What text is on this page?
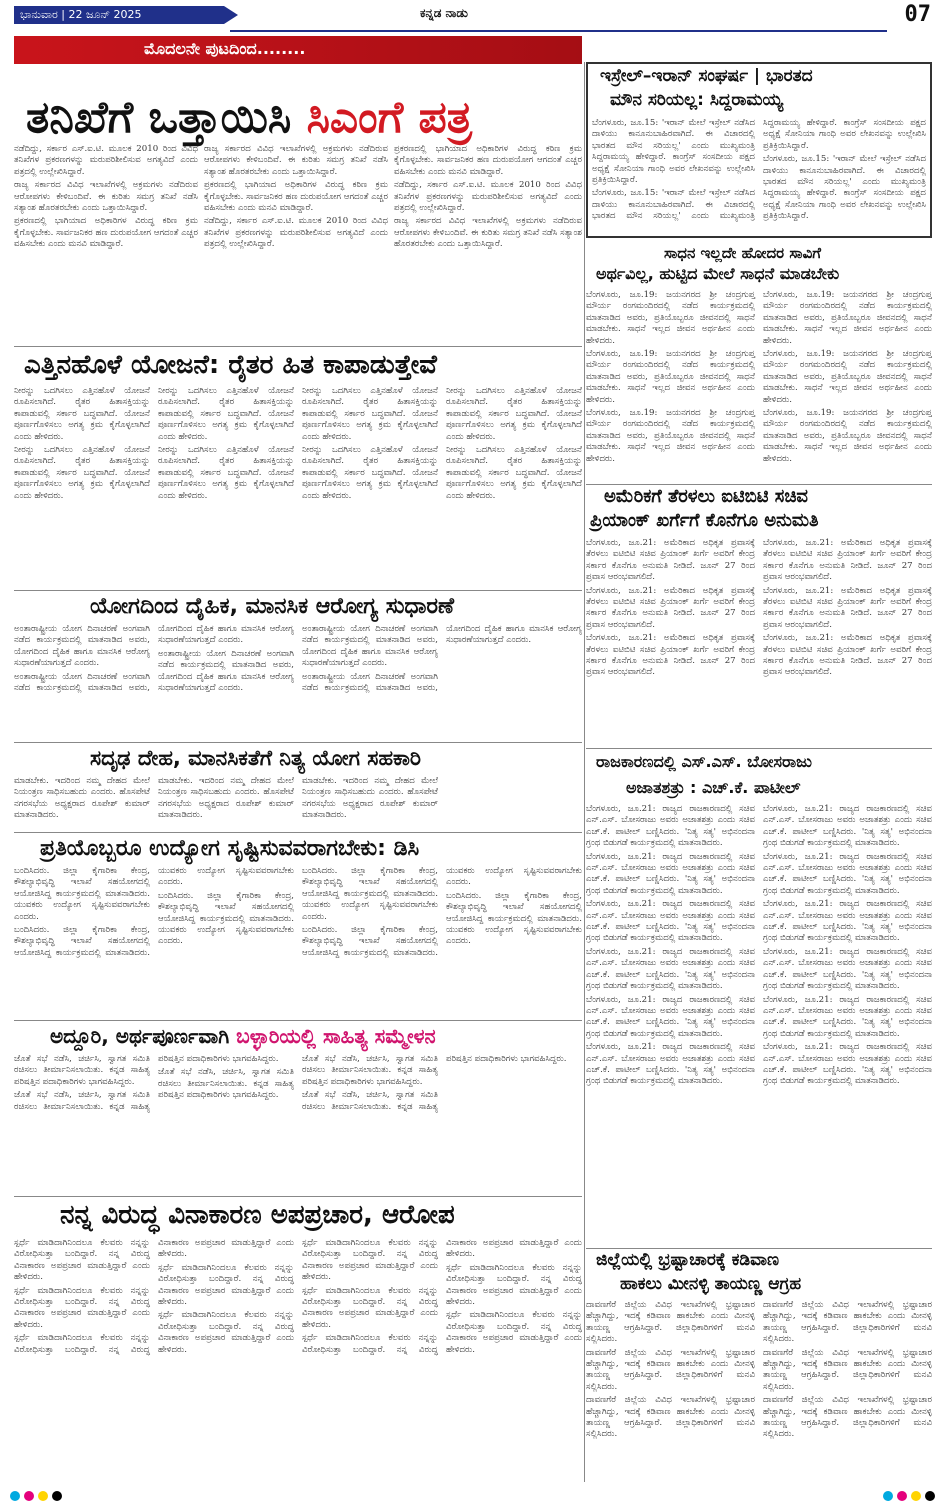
ಭಾನುವಾರ | 22 ಜೂನ್ 2025	ಕನ್ನಡ ನಾಡು	07
ಮೊದಲನೇ ಪುಟದಿಂದ........
ತನಿಖೆಗೆ ಒತ್ತಾಯಿಸಿ ಸಿಎಂಗೆ ಪತ್ರ

ನಡೆದಿದ್ದು, ಸರ್ಕಾರ ಎಸ್.ಐ.ಟಿ. ಮೂಲಕ 2010 ರಿಂದ ವಿವಿಧ ತನಿಖೆಗಳ ಪ್ರಕರಣಗಳನ್ನು ಮರುಪರಿಶೀಲಿಸುವ ಅಗತ್ಯವಿದೆ ಎಂದು ಪತ್ರದಲ್ಲಿ ಉಲ್ಲೇಖಿಸಿದ್ದಾರೆ.

ರಾಜ್ಯ ಸರ್ಕಾರದ ವಿವಿಧ ಇಲಾಖೆಗಳಲ್ಲಿ ಅಕ್ರಮಗಳು ನಡೆದಿರುವ ಆರೋಪಗಳು ಕೇಳಿಬಂದಿವೆ. ಈ ಕುರಿತು ಸಮಗ್ರ ತನಿಖೆ ನಡೆಸಿ ಸತ್ಯಾಂಶ ಹೊರತರಬೇಕು ಎಂದು ಒತ್ತಾಯಿಸಿದ್ದಾರೆ.

ಪ್ರಕರಣದಲ್ಲಿ ಭಾಗಿಯಾದ ಅಧಿಕಾರಿಗಳ ವಿರುದ್ಧ ಕಠಿಣ ಕ್ರಮ ಕೈಗೊಳ್ಳಬೇಕು. ಸಾರ್ವಜನಿಕರ ಹಣ ದುರುಪಯೋಗ ಆಗದಂತೆ ಎಚ್ಚರ ವಹಿಸಬೇಕು ಎಂದು ಮನವಿ ಮಾಡಿದ್ದಾರೆ.

ರಾಜ್ಯ ಸರ್ಕಾರದ ವಿವಿಧ ಇಲಾಖೆಗಳಲ್ಲಿ ಅಕ್ರಮಗಳು ನಡೆದಿರುವ ಆರೋಪಗಳು ಕೇಳಿಬಂದಿವೆ. ಈ ಕುರಿತು ಸಮಗ್ರ ತನಿಖೆ ನಡೆಸಿ ಸತ್ಯಾಂಶ ಹೊರತರಬೇಕು ಎಂದು ಒತ್ತಾಯಿಸಿದ್ದಾರೆ.

ಪ್ರಕರಣದಲ್ಲಿ ಭಾಗಿಯಾದ ಅಧಿಕಾರಿಗಳ ವಿರುದ್ಧ ಕಠಿಣ ಕ್ರಮ ಕೈಗೊಳ್ಳಬೇಕು. ಸಾರ್ವಜನಿಕರ ಹಣ ದುರುಪಯೋಗ ಆಗದಂತೆ ಎಚ್ಚರ ವಹಿಸಬೇಕು ಎಂದು ಮನವಿ ಮಾಡಿದ್ದಾರೆ.

ನಡೆದಿದ್ದು, ಸರ್ಕಾರ ಎಸ್.ಐ.ಟಿ. ಮೂಲಕ 2010 ರಿಂದ ವಿವಿಧ ತನಿಖೆಗಳ ಪ್ರಕರಣಗಳನ್ನು ಮರುಪರಿಶೀಲಿಸುವ ಅಗತ್ಯವಿದೆ ಎಂದು ಪತ್ರದಲ್ಲಿ ಉಲ್ಲೇಖಿಸಿದ್ದಾರೆ.

ಪ್ರಕರಣದಲ್ಲಿ ಭಾಗಿಯಾದ ಅಧಿಕಾರಿಗಳ ವಿರುದ್ಧ ಕಠಿಣ ಕ್ರಮ ಕೈಗೊಳ್ಳಬೇಕು. ಸಾರ್ವಜನಿಕರ ಹಣ ದುರುಪಯೋಗ ಆಗದಂತೆ ಎಚ್ಚರ ವಹಿಸಬೇಕು ಎಂದು ಮನವಿ ಮಾಡಿದ್ದಾರೆ.

ನಡೆದಿದ್ದು, ಸರ್ಕಾರ ಎಸ್.ಐ.ಟಿ. ಮೂಲಕ 2010 ರಿಂದ ವಿವಿಧ ತನಿಖೆಗಳ ಪ್ರಕರಣಗಳನ್ನು ಮರುಪರಿಶೀಲಿಸುವ ಅಗತ್ಯವಿದೆ ಎಂದು ಪತ್ರದಲ್ಲಿ ಉಲ್ಲೇಖಿಸಿದ್ದಾರೆ.

ರಾಜ್ಯ ಸರ್ಕಾರದ ವಿವಿಧ ಇಲಾಖೆಗಳಲ್ಲಿ ಅಕ್ರಮಗಳು ನಡೆದಿರುವ ಆರೋಪಗಳು ಕೇಳಿಬಂದಿವೆ. ಈ ಕುರಿತು ಸಮಗ್ರ ತನಿಖೆ ನಡೆಸಿ ಸತ್ಯಾಂಶ ಹೊರತರಬೇಕು ಎಂದು ಒತ್ತಾಯಿಸಿದ್ದಾರೆ.

ಎತ್ತಿನಹೊಳೆ ಯೋಜನೆ: ರೈತರ ಹಿತ ಕಾಪಾಡುತ್ತೇವೆ

ನೀರನ್ನು ಒದಗಿಸಲು ಎತ್ತಿನಹೊಳೆ ಯೋಜನೆ ರೂಪಿಸಲಾಗಿದೆ. ರೈತರ ಹಿತಾಸಕ್ತಿಯನ್ನು ಕಾಪಾಡುವಲ್ಲಿ ಸರ್ಕಾರ ಬದ್ಧವಾಗಿದೆ. ಯೋಜನೆ ಪೂರ್ಣಗೊಳಿಸಲು ಅಗತ್ಯ ಕ್ರಮ ಕೈಗೊಳ್ಳಲಾಗಿದೆ ಎಂದು ಹೇಳಿದರು.

ನೀರನ್ನು ಒದಗಿಸಲು ಎತ್ತಿನಹೊಳೆ ಯೋಜನೆ ರೂಪಿಸಲಾಗಿದೆ. ರೈತರ ಹಿತಾಸಕ್ತಿಯನ್ನು ಕಾಪಾಡುವಲ್ಲಿ ಸರ್ಕಾರ ಬದ್ಧವಾಗಿದೆ. ಯೋಜನೆ ಪೂರ್ಣಗೊಳಿಸಲು ಅಗತ್ಯ ಕ್ರಮ ಕೈಗೊಳ್ಳಲಾಗಿದೆ ಎಂದು ಹೇಳಿದರು.

ನೀರನ್ನು ಒದಗಿಸಲು ಎತ್ತಿನಹೊಳೆ ಯೋಜನೆ ರೂಪಿಸಲಾಗಿದೆ. ರೈತರ ಹಿತಾಸಕ್ತಿಯನ್ನು ಕಾಪಾಡುವಲ್ಲಿ ಸರ್ಕಾರ ಬದ್ಧವಾಗಿದೆ. ಯೋಜನೆ ಪೂರ್ಣಗೊಳಿಸಲು ಅಗತ್ಯ ಕ್ರಮ ಕೈಗೊಳ್ಳಲಾಗಿದೆ ಎಂದು ಹೇಳಿದರು.

ನೀರನ್ನು ಒದಗಿಸಲು ಎತ್ತಿನಹೊಳೆ ಯೋಜನೆ ರೂಪಿಸಲಾಗಿದೆ. ರೈತರ ಹಿತಾಸಕ್ತಿಯನ್ನು ಕಾಪಾಡುವಲ್ಲಿ ಸರ್ಕಾರ ಬದ್ಧವಾಗಿದೆ. ಯೋಜನೆ ಪೂರ್ಣಗೊಳಿಸಲು ಅಗತ್ಯ ಕ್ರಮ ಕೈಗೊಳ್ಳಲಾಗಿದೆ ಎಂದು ಹೇಳಿದರು.

ನೀರನ್ನು ಒದಗಿಸಲು ಎತ್ತಿನಹೊಳೆ ಯೋಜನೆ ರೂಪಿಸಲಾಗಿದೆ. ರೈತರ ಹಿತಾಸಕ್ತಿಯನ್ನು ಕಾಪಾಡುವಲ್ಲಿ ಸರ್ಕಾರ ಬದ್ಧವಾಗಿದೆ. ಯೋಜನೆ ಪೂರ್ಣಗೊಳಿಸಲು ಅಗತ್ಯ ಕ್ರಮ ಕೈಗೊಳ್ಳಲಾಗಿದೆ ಎಂದು ಹೇಳಿದರು.

ನೀರನ್ನು ಒದಗಿಸಲು ಎತ್ತಿನಹೊಳೆ ಯೋಜನೆ ರೂಪಿಸಲಾಗಿದೆ. ರೈತರ ಹಿತಾಸಕ್ತಿಯನ್ನು ಕಾಪಾಡುವಲ್ಲಿ ಸರ್ಕಾರ ಬದ್ಧವಾಗಿದೆ. ಯೋಜನೆ ಪೂರ್ಣಗೊಳಿಸಲು ಅಗತ್ಯ ಕ್ರಮ ಕೈಗೊಳ್ಳಲಾಗಿದೆ ಎಂದು ಹೇಳಿದರು.

ನೀರನ್ನು ಒದಗಿಸಲು ಎತ್ತಿನಹೊಳೆ ಯೋಜನೆ ರೂಪಿಸಲಾಗಿದೆ. ರೈತರ ಹಿತಾಸಕ್ತಿಯನ್ನು ಕಾಪಾಡುವಲ್ಲಿ ಸರ್ಕಾರ ಬದ್ಧವಾಗಿದೆ. ಯೋಜನೆ ಪೂರ್ಣಗೊಳಿಸಲು ಅಗತ್ಯ ಕ್ರಮ ಕೈಗೊಳ್ಳಲಾಗಿದೆ ಎಂದು ಹೇಳಿದರು.

ನೀರನ್ನು ಒದಗಿಸಲು ಎತ್ತಿನಹೊಳೆ ಯೋಜನೆ ರೂಪಿಸಲಾಗಿದೆ. ರೈತರ ಹಿತಾಸಕ್ತಿಯನ್ನು ಕಾಪಾಡುವಲ್ಲಿ ಸರ್ಕಾರ ಬದ್ಧವಾಗಿದೆ. ಯೋಜನೆ ಪೂರ್ಣಗೊಳಿಸಲು ಅಗತ್ಯ ಕ್ರಮ ಕೈಗೊಳ್ಳಲಾಗಿದೆ ಎಂದು ಹೇಳಿದರು.

ಯೋಗದಿಂದ ದೈಹಿಕ, ಮಾನಸಿಕ ಆರೋಗ್ಯ ಸುಧಾರಣೆ

ಅಂತಾರಾಷ್ಟ್ರೀಯ ಯೋಗ ದಿನಾಚರಣೆ ಅಂಗವಾಗಿ ನಡೆದ ಕಾರ್ಯಕ್ರಮದಲ್ಲಿ ಮಾತನಾಡಿದ ಅವರು, ಯೋಗದಿಂದ ದೈಹಿಕ ಹಾಗೂ ಮಾನಸಿಕ ಆರೋಗ್ಯ ಸುಧಾರಣೆಯಾಗುತ್ತದೆ ಎಂದರು.

ಅಂತಾರಾಷ್ಟ್ರೀಯ ಯೋಗ ದಿನಾಚರಣೆ ಅಂಗವಾಗಿ ನಡೆದ ಕಾರ್ಯಕ್ರಮದಲ್ಲಿ ಮಾತನಾಡಿದ ಅವರು, ಯೋಗದಿಂದ ದೈಹಿಕ ಹಾಗೂ ಮಾನಸಿಕ ಆರೋಗ್ಯ ಸುಧಾರಣೆಯಾಗುತ್ತದೆ ಎಂದರು.

ಅಂತಾರಾಷ್ಟ್ರೀಯ ಯೋಗ ದಿನಾಚರಣೆ ಅಂಗವಾಗಿ ನಡೆದ ಕಾರ್ಯಕ್ರಮದಲ್ಲಿ ಮಾತನಾಡಿದ ಅವರು, ಯೋಗದಿಂದ ದೈಹಿಕ ಹಾಗೂ ಮಾನಸಿಕ ಆರೋಗ್ಯ ಸುಧಾರಣೆಯಾಗುತ್ತದೆ ಎಂದರು.

ಅಂತಾರಾಷ್ಟ್ರೀಯ ಯೋಗ ದಿನಾಚರಣೆ ಅಂಗವಾಗಿ ನಡೆದ ಕಾರ್ಯಕ್ರಮದಲ್ಲಿ ಮಾತನಾಡಿದ ಅವರು, ಯೋಗದಿಂದ ದೈಹಿಕ ಹಾಗೂ ಮಾನಸಿಕ ಆರೋಗ್ಯ ಸುಧಾರಣೆಯಾಗುತ್ತದೆ ಎಂದರು.

ಅಂತಾರಾಷ್ಟ್ರೀಯ ಯೋಗ ದಿನಾಚರಣೆ ಅಂಗವಾಗಿ ನಡೆದ ಕಾರ್ಯಕ್ರಮದಲ್ಲಿ ಮಾತನಾಡಿದ ಅವರು, ಯೋಗದಿಂದ ದೈಹಿಕ ಹಾಗೂ ಮಾನಸಿಕ ಆರೋಗ್ಯ ಸುಧಾರಣೆಯಾಗುತ್ತದೆ ಎಂದರು.

ಸದೃಢ ದೇಹ, ಮಾನಸಿಕತೆಗೆ ನಿತ್ಯ ಯೋಗ ಸಹಕಾರಿ

ಮಾಡಬೇಕು. ಇದರಿಂದ ನಮ್ಮ ದೇಹದ ಮೇಲೆ ನಿಯಂತ್ರಣ ಸಾಧಿಸಬಹುದು ಎಂದರು. ಹೊಸಪೇಟೆ ನಗರಸಭೆಯ ಅಧ್ಯಕ್ಷರಾದ ರೂಪೇಶ್ ಕುಮಾರ್ ಮಾತನಾಡಿದರು.

ಮಾಡಬೇಕು. ಇದರಿಂದ ನಮ್ಮ ದೇಹದ ಮೇಲೆ ನಿಯಂತ್ರಣ ಸಾಧಿಸಬಹುದು ಎಂದರು. ಹೊಸಪೇಟೆ ನಗರಸಭೆಯ ಅಧ್ಯಕ್ಷರಾದ ರೂಪೇಶ್ ಕುಮಾರ್ ಮಾತನಾಡಿದರು.

ಮಾಡಬೇಕು. ಇದರಿಂದ ನಮ್ಮ ದೇಹದ ಮೇಲೆ ನಿಯಂತ್ರಣ ಸಾಧಿಸಬಹುದು ಎಂದರು. ಹೊಸಪೇಟೆ ನಗರಸಭೆಯ ಅಧ್ಯಕ್ಷರಾದ ರೂಪೇಶ್ ಕುಮಾರ್ ಮಾತನಾಡಿದರು.

ಪ್ರತಿಯೊಬ್ಬರೂ ಉದ್ಯೋಗ ಸೃಷ್ಟಿಸುವವರಾಗಬೇಕು: ಡಿಸಿ

ಬಂದಿಸಿದರು. ಜಿಲ್ಲಾ ಕೈಗಾರಿಕಾ ಕೇಂದ್ರ, ಕೌಶಲ್ಯಾಭಿವೃದ್ಧಿ ಇಲಾಖೆ ಸಹಯೋಗದಲ್ಲಿ ಆಯೋಜಿಸಿದ್ದ ಕಾರ್ಯಕ್ರಮದಲ್ಲಿ ಮಾತನಾಡಿದರು. ಯುವಕರು ಉದ್ಯೋಗ ಸೃಷ್ಟಿಸುವವರಾಗಬೇಕು ಎಂದರು.

ಬಂದಿಸಿದರು. ಜಿಲ್ಲಾ ಕೈಗಾರಿಕಾ ಕೇಂದ್ರ, ಕೌಶಲ್ಯಾಭಿವೃದ್ಧಿ ಇಲಾಖೆ ಸಹಯೋಗದಲ್ಲಿ ಆಯೋಜಿಸಿದ್ದ ಕಾರ್ಯಕ್ರಮದಲ್ಲಿ ಮಾತನಾಡಿದರು. ಯುವಕರು ಉದ್ಯೋಗ ಸೃಷ್ಟಿಸುವವರಾಗಬೇಕು ಎಂದರು.

ಬಂದಿಸಿದರು. ಜಿಲ್ಲಾ ಕೈಗಾರಿಕಾ ಕೇಂದ್ರ, ಕೌಶಲ್ಯಾಭಿವೃದ್ಧಿ ಇಲಾಖೆ ಸಹಯೋಗದಲ್ಲಿ ಆಯೋಜಿಸಿದ್ದ ಕಾರ್ಯಕ್ರಮದಲ್ಲಿ ಮಾತನಾಡಿದರು. ಯುವಕರು ಉದ್ಯೋಗ ಸೃಷ್ಟಿಸುವವರಾಗಬೇಕು ಎಂದರು.

ಬಂದಿಸಿದರು. ಜಿಲ್ಲಾ ಕೈಗಾರಿಕಾ ಕೇಂದ್ರ, ಕೌಶಲ್ಯಾಭಿವೃದ್ಧಿ ಇಲಾಖೆ ಸಹಯೋಗದಲ್ಲಿ ಆಯೋಜಿಸಿದ್ದ ಕಾರ್ಯಕ್ರಮದಲ್ಲಿ ಮಾತನಾಡಿದರು. ಯುವಕರು ಉದ್ಯೋಗ ಸೃಷ್ಟಿಸುವವರಾಗಬೇಕು ಎಂದರು.

ಬಂದಿಸಿದರು. ಜಿಲ್ಲಾ ಕೈಗಾರಿಕಾ ಕೇಂದ್ರ, ಕೌಶಲ್ಯಾಭಿವೃದ್ಧಿ ಇಲಾಖೆ ಸಹಯೋಗದಲ್ಲಿ ಆಯೋಜಿಸಿದ್ದ ಕಾರ್ಯಕ್ರಮದಲ್ಲಿ ಮಾತನಾಡಿದರು. ಯುವಕರು ಉದ್ಯೋಗ ಸೃಷ್ಟಿಸುವವರಾಗಬೇಕು ಎಂದರು.

ಬಂದಿಸಿದರು. ಜಿಲ್ಲಾ ಕೈಗಾರಿಕಾ ಕೇಂದ್ರ, ಕೌಶಲ್ಯಾಭಿವೃದ್ಧಿ ಇಲಾಖೆ ಸಹಯೋಗದಲ್ಲಿ ಆಯೋಜಿಸಿದ್ದ ಕಾರ್ಯಕ್ರಮದಲ್ಲಿ ಮಾತನಾಡಿದರು. ಯುವಕರು ಉದ್ಯೋಗ ಸೃಷ್ಟಿಸುವವರಾಗಬೇಕು ಎಂದರು.

ಅದ್ದೂರಿ, ಅರ್ಥಪೂರ್ಣವಾಗಿ ಬಳ್ಳಾರಿಯಲ್ಲಿ ಸಾಹಿತ್ಯ ಸಮ್ಮೇಳನ

ಜೊತೆ ಸಭೆ ನಡೆಸಿ, ಚರ್ಚಿಸಿ, ಸ್ವಾಗತ ಸಮಿತಿ ರಚಿಸಲು ತೀರ್ಮಾನಿಸಲಾಯಿತು. ಕನ್ನಡ ಸಾಹಿತ್ಯ ಪರಿಷತ್ತಿನ ಪದಾಧಿಕಾರಿಗಳು ಭಾಗವಹಿಸಿದ್ದರು.

ಜೊತೆ ಸಭೆ ನಡೆಸಿ, ಚರ್ಚಿಸಿ, ಸ್ವಾಗತ ಸಮಿತಿ ರಚಿಸಲು ತೀರ್ಮಾನಿಸಲಾಯಿತು. ಕನ್ನಡ ಸಾಹಿತ್ಯ ಪರಿಷತ್ತಿನ ಪದಾಧಿಕಾರಿಗಳು ಭಾಗವಹಿಸಿದ್ದರು.

ಜೊತೆ ಸಭೆ ನಡೆಸಿ, ಚರ್ಚಿಸಿ, ಸ್ವಾಗತ ಸಮಿತಿ ರಚಿಸಲು ತೀರ್ಮಾನಿಸಲಾಯಿತು. ಕನ್ನಡ ಸಾಹಿತ್ಯ ಪರಿಷತ್ತಿನ ಪದಾಧಿಕಾರಿಗಳು ಭಾಗವಹಿಸಿದ್ದರು.

ಜೊತೆ ಸಭೆ ನಡೆಸಿ, ಚರ್ಚಿಸಿ, ಸ್ವಾಗತ ಸಮಿತಿ ರಚಿಸಲು ತೀರ್ಮಾನಿಸಲಾಯಿತು. ಕನ್ನಡ ಸಾಹಿತ್ಯ ಪರಿಷತ್ತಿನ ಪದಾಧಿಕಾರಿಗಳು ಭಾಗವಹಿಸಿದ್ದರು.

ಜೊತೆ ಸಭೆ ನಡೆಸಿ, ಚರ್ಚಿಸಿ, ಸ್ವಾಗತ ಸಮಿತಿ ರಚಿಸಲು ತೀರ್ಮಾನಿಸಲಾಯಿತು. ಕನ್ನಡ ಸಾಹಿತ್ಯ ಪರಿಷತ್ತಿನ ಪದಾಧಿಕಾರಿಗಳು ಭಾಗವಹಿಸಿದ್ದರು.

ನನ್ನ ವಿರುದ್ಧ ವಿನಾಕಾರಣ ಅಪಪ್ರಚಾರ, ಆರೋಪ

ಸ್ಪರ್ಧೆ ಮಾಡಿದಾಗಿನಿಂದಲೂ ಕೆಲವರು ನನ್ನನ್ನು ವಿರೋಧಿಸುತ್ತಾ ಬಂದಿದ್ದಾರೆ. ನನ್ನ ವಿರುದ್ಧ ವಿನಾಕಾರಣ ಅಪಪ್ರಚಾರ ಮಾಡುತ್ತಿದ್ದಾರೆ ಎಂದು ಹೇಳಿದರು.

ಸ್ಪರ್ಧೆ ಮಾಡಿದಾಗಿನಿಂದಲೂ ಕೆಲವರು ನನ್ನನ್ನು ವಿರೋಧಿಸುತ್ತಾ ಬಂದಿದ್ದಾರೆ. ನನ್ನ ವಿರುದ್ಧ ವಿನಾಕಾರಣ ಅಪಪ್ರಚಾರ ಮಾಡುತ್ತಿದ್ದಾರೆ ಎಂದು ಹೇಳಿದರು.

ಸ್ಪರ್ಧೆ ಮಾಡಿದಾಗಿನಿಂದಲೂ ಕೆಲವರು ನನ್ನನ್ನು ವಿರೋಧಿಸುತ್ತಾ ಬಂದಿದ್ದಾರೆ. ನನ್ನ ವಿರುದ್ಧ ವಿನಾಕಾರಣ ಅಪಪ್ರಚಾರ ಮಾಡುತ್ತಿದ್ದಾರೆ ಎಂದು ಹೇಳಿದರು.

ಸ್ಪರ್ಧೆ ಮಾಡಿದಾಗಿನಿಂದಲೂ ಕೆಲವರು ನನ್ನನ್ನು ವಿರೋಧಿಸುತ್ತಾ ಬಂದಿದ್ದಾರೆ. ನನ್ನ ವಿರುದ್ಧ ವಿನಾಕಾರಣ ಅಪಪ್ರಚಾರ ಮಾಡುತ್ತಿದ್ದಾರೆ ಎಂದು ಹೇಳಿದರು.

ಸ್ಪರ್ಧೆ ಮಾಡಿದಾಗಿನಿಂದಲೂ ಕೆಲವರು ನನ್ನನ್ನು ವಿರೋಧಿಸುತ್ತಾ ಬಂದಿದ್ದಾರೆ. ನನ್ನ ವಿರುದ್ಧ ವಿನಾಕಾರಣ ಅಪಪ್ರಚಾರ ಮಾಡುತ್ತಿದ್ದಾರೆ ಎಂದು ಹೇಳಿದರು.

ಸ್ಪರ್ಧೆ ಮಾಡಿದಾಗಿನಿಂದಲೂ ಕೆಲವರು ನನ್ನನ್ನು ವಿರೋಧಿಸುತ್ತಾ ಬಂದಿದ್ದಾರೆ. ನನ್ನ ವಿರುದ್ಧ ವಿನಾಕಾರಣ ಅಪಪ್ರಚಾರ ಮಾಡುತ್ತಿದ್ದಾರೆ ಎಂದು ಹೇಳಿದರು.

ಸ್ಪರ್ಧೆ ಮಾಡಿದಾಗಿನಿಂದಲೂ ಕೆಲವರು ನನ್ನನ್ನು ವಿರೋಧಿಸುತ್ತಾ ಬಂದಿದ್ದಾರೆ. ನನ್ನ ವಿರುದ್ಧ ವಿನಾಕಾರಣ ಅಪಪ್ರಚಾರ ಮಾಡುತ್ತಿದ್ದಾರೆ ಎಂದು ಹೇಳಿದರು.

ಸ್ಪರ್ಧೆ ಮಾಡಿದಾಗಿನಿಂದಲೂ ಕೆಲವರು ನನ್ನನ್ನು ವಿರೋಧಿಸುತ್ತಾ ಬಂದಿದ್ದಾರೆ. ನನ್ನ ವಿರುದ್ಧ ವಿನಾಕಾರಣ ಅಪಪ್ರಚಾರ ಮಾಡುತ್ತಿದ್ದಾರೆ ಎಂದು ಹೇಳಿದರು.

ಸ್ಪರ್ಧೆ ಮಾಡಿದಾಗಿನಿಂದಲೂ ಕೆಲವರು ನನ್ನನ್ನು ವಿರೋಧಿಸುತ್ತಾ ಬಂದಿದ್ದಾರೆ. ನನ್ನ ವಿರುದ್ಧ ವಿನಾಕಾರಣ ಅಪಪ್ರಚಾರ ಮಾಡುತ್ತಿದ್ದಾರೆ ಎಂದು ಹೇಳಿದರು.

ಸ್ಪರ್ಧೆ ಮಾಡಿದಾಗಿನಿಂದಲೂ ಕೆಲವರು ನನ್ನನ್ನು ವಿರೋಧಿಸುತ್ತಾ ಬಂದಿದ್ದಾರೆ. ನನ್ನ ವಿರುದ್ಧ ವಿನಾಕಾರಣ ಅಪಪ್ರಚಾರ ಮಾಡುತ್ತಿದ್ದಾರೆ ಎಂದು ಹೇಳಿದರು.

ಇಸ್ರೇಲ್–ಇರಾನ್ ಸಂಘರ್ಷ | ಭಾರತದ
ಮೌನ ಸರಿಯಲ್ಲ: ಸಿದ್ದರಾಮಯ್ಯ

ಬೆಂಗಳೂರು, ಜೂ.15: 'ಇರಾನ್ ಮೇಲೆ ಇಸ್ರೇಲ್ ನಡೆಸಿದ ದಾಳಿಯು ಕಾನೂನುಬಾಹಿರವಾಗಿದೆ. ಈ ವಿಚಾರದಲ್ಲಿ ಭಾರತದ ಮೌನ ಸರಿಯಲ್ಲ' ಎಂದು ಮುಖ್ಯಮಂತ್ರಿ ಸಿದ್ದರಾಮಯ್ಯ ಹೇಳಿದ್ದಾರೆ. ಕಾಂಗ್ರೆಸ್ ಸಂಸದೀಯ ಪಕ್ಷದ ಅಧ್ಯಕ್ಷೆ ಸೋನಿಯಾ ಗಾಂಧಿ ಅವರ ಲೇಖನವನ್ನು ಉಲ್ಲೇಖಿಸಿ ಪ್ರತಿಕ್ರಿಯಿಸಿದ್ದಾರೆ.

ಬೆಂಗಳೂರು, ಜೂ.15: 'ಇರಾನ್ ಮೇಲೆ ಇಸ್ರೇಲ್ ನಡೆಸಿದ ದಾಳಿಯು ಕಾನೂನುಬಾಹಿರವಾಗಿದೆ. ಈ ವಿಚಾರದಲ್ಲಿ ಭಾರತದ ಮೌನ ಸರಿಯಲ್ಲ' ಎಂದು ಮುಖ್ಯಮಂತ್ರಿ ಸಿದ್ದರಾಮಯ್ಯ ಹೇಳಿದ್ದಾರೆ. ಕಾಂಗ್ರೆಸ್ ಸಂಸದೀಯ ಪಕ್ಷದ ಅಧ್ಯಕ್ಷೆ ಸೋನಿಯಾ ಗಾಂಧಿ ಅವರ ಲೇಖನವನ್ನು ಉಲ್ಲೇಖಿಸಿ ಪ್ರತಿಕ್ರಿಯಿಸಿದ್ದಾರೆ.

ಬೆಂಗಳೂರು, ಜೂ.15: 'ಇರಾನ್ ಮೇಲೆ ಇಸ್ರೇಲ್ ನಡೆಸಿದ ದಾಳಿಯು ಕಾನೂನುಬಾಹಿರವಾಗಿದೆ. ಈ ವಿಚಾರದಲ್ಲಿ ಭಾರತದ ಮೌನ ಸರಿಯಲ್ಲ' ಎಂದು ಮುಖ್ಯಮಂತ್ರಿ ಸಿದ್ದರಾಮಯ್ಯ ಹೇಳಿದ್ದಾರೆ. ಕಾಂಗ್ರೆಸ್ ಸಂಸದೀಯ ಪಕ್ಷದ ಅಧ್ಯಕ್ಷೆ ಸೋನಿಯಾ ಗಾಂಧಿ ಅವರ ಲೇಖನವನ್ನು ಉಲ್ಲೇಖಿಸಿ ಪ್ರತಿಕ್ರಿಯಿಸಿದ್ದಾರೆ.

ಸಾಧನ ಇಲ್ಲದೇ ಹೋದರ ಸಾವಿಗೆ
ಅರ್ಥವಿಲ್ಲ, ಹುಟ್ಟಿದ ಮೇಲೆ ಸಾಧನೆ ಮಾಡಬೇಕು

ಬೆಂಗಳೂರು, ಜೂ.19: ಜಯನಗರದ ಶ್ರೀ ಚಂದ್ರಗುಪ್ತ ಮೌರ್ಯ ರಂಗಮಂದಿರದಲ್ಲಿ ನಡೆದ ಕಾರ್ಯಕ್ರಮದಲ್ಲಿ ಮಾತನಾಡಿದ ಅವರು, ಪ್ರತಿಯೊಬ್ಬರೂ ಜೀವನದಲ್ಲಿ ಸಾಧನೆ ಮಾಡಬೇಕು. ಸಾಧನೆ ಇಲ್ಲದ ಜೀವನ ಅರ್ಥಹೀನ ಎಂದು ಹೇಳಿದರು.

ಬೆಂಗಳೂರು, ಜೂ.19: ಜಯನಗರದ ಶ್ರೀ ಚಂದ್ರಗುಪ್ತ ಮೌರ್ಯ ರಂಗಮಂದಿರದಲ್ಲಿ ನಡೆದ ಕಾರ್ಯಕ್ರಮದಲ್ಲಿ ಮಾತನಾಡಿದ ಅವರು, ಪ್ರತಿಯೊಬ್ಬರೂ ಜೀವನದಲ್ಲಿ ಸಾಧನೆ ಮಾಡಬೇಕು. ಸಾಧನೆ ಇಲ್ಲದ ಜೀವನ ಅರ್ಥಹೀನ ಎಂದು ಹೇಳಿದರು.

ಬೆಂಗಳೂರು, ಜೂ.19: ಜಯನಗರದ ಶ್ರೀ ಚಂದ್ರಗುಪ್ತ ಮೌರ್ಯ ರಂಗಮಂದಿರದಲ್ಲಿ ನಡೆದ ಕಾರ್ಯಕ್ರಮದಲ್ಲಿ ಮಾತನಾಡಿದ ಅವರು, ಪ್ರತಿಯೊಬ್ಬರೂ ಜೀವನದಲ್ಲಿ ಸಾಧನೆ ಮಾಡಬೇಕು. ಸಾಧನೆ ಇಲ್ಲದ ಜೀವನ ಅರ್ಥಹೀನ ಎಂದು ಹೇಳಿದರು.

ಬೆಂಗಳೂರು, ಜೂ.19: ಜಯನಗರದ ಶ್ರೀ ಚಂದ್ರಗುಪ್ತ ಮೌರ್ಯ ರಂಗಮಂದಿರದಲ್ಲಿ ನಡೆದ ಕಾರ್ಯಕ್ರಮದಲ್ಲಿ ಮಾತನಾಡಿದ ಅವರು, ಪ್ರತಿಯೊಬ್ಬರೂ ಜೀವನದಲ್ಲಿ ಸಾಧನೆ ಮಾಡಬೇಕು. ಸಾಧನೆ ಇಲ್ಲದ ಜೀವನ ಅರ್ಥಹೀನ ಎಂದು ಹೇಳಿದರು.

ಬೆಂಗಳೂರು, ಜೂ.19: ಜಯನಗರದ ಶ್ರೀ ಚಂದ್ರಗುಪ್ತ ಮೌರ್ಯ ರಂಗಮಂದಿರದಲ್ಲಿ ನಡೆದ ಕಾರ್ಯಕ್ರಮದಲ್ಲಿ ಮಾತನಾಡಿದ ಅವರು, ಪ್ರತಿಯೊಬ್ಬರೂ ಜೀವನದಲ್ಲಿ ಸಾಧನೆ ಮಾಡಬೇಕು. ಸಾಧನೆ ಇಲ್ಲದ ಜೀವನ ಅರ್ಥಹೀನ ಎಂದು ಹೇಳಿದರು.

ಬೆಂಗಳೂರು, ಜೂ.19: ಜಯನಗರದ ಶ್ರೀ ಚಂದ್ರಗುಪ್ತ ಮೌರ್ಯ ರಂಗಮಂದಿರದಲ್ಲಿ ನಡೆದ ಕಾರ್ಯಕ್ರಮದಲ್ಲಿ ಮಾತನಾಡಿದ ಅವರು, ಪ್ರತಿಯೊಬ್ಬರೂ ಜೀವನದಲ್ಲಿ ಸಾಧನೆ ಮಾಡಬೇಕು. ಸಾಧನೆ ಇಲ್ಲದ ಜೀವನ ಅರ್ಥಹೀನ ಎಂದು ಹೇಳಿದರು.

ಅಮೆರಿಕಗೆ ತೆರಳಲು ಐಟಿಬಿಟಿ ಸಚಿವ
ಪ್ರಿಯಾಂಕ್ ಖರ್ಗೆಗೆ ಕೊನೆಗೂ ಅನುಮತಿ

ಬೆಂಗಳೂರು, ಜೂ.21: ಅಮೆರಿಕಾದ ಅಧಿಕೃತ ಪ್ರವಾಸಕ್ಕೆ ತೆರಳಲು ಐಟಿಬಿಟಿ ಸಚಿವ ಪ್ರಿಯಾಂಕ್ ಖರ್ಗೆ ಅವರಿಗೆ ಕೇಂದ್ರ ಸರ್ಕಾರ ಕೊನೆಗೂ ಅನುಮತಿ ನೀಡಿದೆ. ಜೂನ್ 27 ರಿಂದ ಪ್ರವಾಸ ಆರಂಭವಾಗಲಿದೆ.

ಬೆಂಗಳೂರು, ಜೂ.21: ಅಮೆರಿಕಾದ ಅಧಿಕೃತ ಪ್ರವಾಸಕ್ಕೆ ತೆರಳಲು ಐಟಿಬಿಟಿ ಸಚಿವ ಪ್ರಿಯಾಂಕ್ ಖರ್ಗೆ ಅವರಿಗೆ ಕೇಂದ್ರ ಸರ್ಕಾರ ಕೊನೆಗೂ ಅನುಮತಿ ನೀಡಿದೆ. ಜೂನ್ 27 ರಿಂದ ಪ್ರವಾಸ ಆರಂಭವಾಗಲಿದೆ.

ಬೆಂಗಳೂರು, ಜೂ.21: ಅಮೆರಿಕಾದ ಅಧಿಕೃತ ಪ್ರವಾಸಕ್ಕೆ ತೆರಳಲು ಐಟಿಬಿಟಿ ಸಚಿವ ಪ್ರಿಯಾಂಕ್ ಖರ್ಗೆ ಅವರಿಗೆ ಕೇಂದ್ರ ಸರ್ಕಾರ ಕೊನೆಗೂ ಅನುಮತಿ ನೀಡಿದೆ. ಜೂನ್ 27 ರಿಂದ ಪ್ರವಾಸ ಆರಂಭವಾಗಲಿದೆ.

ಬೆಂಗಳೂರು, ಜೂ.21: ಅಮೆರಿಕಾದ ಅಧಿಕೃತ ಪ್ರವಾಸಕ್ಕೆ ತೆರಳಲು ಐಟಿಬಿಟಿ ಸಚಿವ ಪ್ರಿಯಾಂಕ್ ಖರ್ಗೆ ಅವರಿಗೆ ಕೇಂದ್ರ ಸರ್ಕಾರ ಕೊನೆಗೂ ಅನುಮತಿ ನೀಡಿದೆ. ಜೂನ್ 27 ರಿಂದ ಪ್ರವಾಸ ಆರಂಭವಾಗಲಿದೆ.

ಬೆಂಗಳೂರು, ಜೂ.21: ಅಮೆರಿಕಾದ ಅಧಿಕೃತ ಪ್ರವಾಸಕ್ಕೆ ತೆರಳಲು ಐಟಿಬಿಟಿ ಸಚಿವ ಪ್ರಿಯಾಂಕ್ ಖರ್ಗೆ ಅವರಿಗೆ ಕೇಂದ್ರ ಸರ್ಕಾರ ಕೊನೆಗೂ ಅನುಮತಿ ನೀಡಿದೆ. ಜೂನ್ 27 ರಿಂದ ಪ್ರವಾಸ ಆರಂಭವಾಗಲಿದೆ.

ಬೆಂಗಳೂರು, ಜೂ.21: ಅಮೆರಿಕಾದ ಅಧಿಕೃತ ಪ್ರವಾಸಕ್ಕೆ ತೆರಳಲು ಐಟಿಬಿಟಿ ಸಚಿವ ಪ್ರಿಯಾಂಕ್ ಖರ್ಗೆ ಅವರಿಗೆ ಕೇಂದ್ರ ಸರ್ಕಾರ ಕೊನೆಗೂ ಅನುಮತಿ ನೀಡಿದೆ. ಜೂನ್ 27 ರಿಂದ ಪ್ರವಾಸ ಆರಂಭವಾಗಲಿದೆ.

ರಾಜಕಾರಣದಲ್ಲಿ ಎಸ್.ಎಸ್. ಬೋಸರಾಜು
ಅಜಾತಶತ್ರು : ಎಚ್.ಕೆ. ಪಾಟೀಲ್

ಬೆಂಗಳೂರು, ಜೂ.21: ರಾಜ್ಯದ ರಾಜಕಾರಣದಲ್ಲಿ ಸಚಿವ ಎನ್.ಎಸ್. ಬೋಸರಾಜು ಅವರು ಅಜಾತಶತ್ರು ಎಂದು ಸಚಿವ ಎಚ್.ಕೆ. ಪಾಟೀಲ್ ಬಣ್ಣಿಸಿದರು. 'ನಿತ್ಯ ಸತ್ಯ' ಅಭಿನಂದನಾ ಗ್ರಂಥ ಬಿಡುಗಡೆ ಕಾರ್ಯಕ್ರಮದಲ್ಲಿ ಮಾತನಾಡಿದರು.

ಬೆಂಗಳೂರು, ಜೂ.21: ರಾಜ್ಯದ ರಾಜಕಾರಣದಲ್ಲಿ ಸಚಿವ ಎನ್.ಎಸ್. ಬೋಸರಾಜು ಅವರು ಅಜಾತಶತ್ರು ಎಂದು ಸಚಿವ ಎಚ್.ಕೆ. ಪಾಟೀಲ್ ಬಣ್ಣಿಸಿದರು. 'ನಿತ್ಯ ಸತ್ಯ' ಅಭಿನಂದನಾ ಗ್ರಂಥ ಬಿಡುಗಡೆ ಕಾರ್ಯಕ್ರಮದಲ್ಲಿ ಮಾತನಾಡಿದರು.

ಬೆಂಗಳೂರು, ಜೂ.21: ರಾಜ್ಯದ ರಾಜಕಾರಣದಲ್ಲಿ ಸಚಿವ ಎನ್.ಎಸ್. ಬೋಸರಾಜು ಅವರು ಅಜಾತಶತ್ರು ಎಂದು ಸಚಿವ ಎಚ್.ಕೆ. ಪಾಟೀಲ್ ಬಣ್ಣಿಸಿದರು. 'ನಿತ್ಯ ಸತ್ಯ' ಅಭಿನಂದನಾ ಗ್ರಂಥ ಬಿಡುಗಡೆ ಕಾರ್ಯಕ್ರಮದಲ್ಲಿ ಮಾತನಾಡಿದರು.

ಬೆಂಗಳೂರು, ಜೂ.21: ರಾಜ್ಯದ ರಾಜಕಾರಣದಲ್ಲಿ ಸಚಿವ ಎನ್.ಎಸ್. ಬೋಸರಾಜು ಅವರು ಅಜಾತಶತ್ರು ಎಂದು ಸಚಿವ ಎಚ್.ಕೆ. ಪಾಟೀಲ್ ಬಣ್ಣಿಸಿದರು. 'ನಿತ್ಯ ಸತ್ಯ' ಅಭಿನಂದನಾ ಗ್ರಂಥ ಬಿಡುಗಡೆ ಕಾರ್ಯಕ್ರಮದಲ್ಲಿ ಮಾತನಾಡಿದರು.

ಬೆಂಗಳೂರು, ಜೂ.21: ರಾಜ್ಯದ ರಾಜಕಾರಣದಲ್ಲಿ ಸಚಿವ ಎನ್.ಎಸ್. ಬೋಸರಾಜು ಅವರು ಅಜಾತಶತ್ರು ಎಂದು ಸಚಿವ ಎಚ್.ಕೆ. ಪಾಟೀಲ್ ಬಣ್ಣಿಸಿದರು. 'ನಿತ್ಯ ಸತ್ಯ' ಅಭಿನಂದನಾ ಗ್ರಂಥ ಬಿಡುಗಡೆ ಕಾರ್ಯಕ್ರಮದಲ್ಲಿ ಮಾತನಾಡಿದರು.

ಬೆಂಗಳೂರು, ಜೂ.21: ರಾಜ್ಯದ ರಾಜಕಾರಣದಲ್ಲಿ ಸಚಿವ ಎನ್.ಎಸ್. ಬೋಸರಾಜು ಅವರು ಅಜಾತಶತ್ರು ಎಂದು ಸಚಿವ ಎಚ್.ಕೆ. ಪಾಟೀಲ್ ಬಣ್ಣಿಸಿದರು. 'ನಿತ್ಯ ಸತ್ಯ' ಅಭಿನಂದನಾ ಗ್ರಂಥ ಬಿಡುಗಡೆ ಕಾರ್ಯಕ್ರಮದಲ್ಲಿ ಮಾತನಾಡಿದರು.

ಬೆಂಗಳೂರು, ಜೂ.21: ರಾಜ್ಯದ ರಾಜಕಾರಣದಲ್ಲಿ ಸಚಿವ ಎನ್.ಎಸ್. ಬೋಸರಾಜು ಅವರು ಅಜಾತಶತ್ರು ಎಂದು ಸಚಿವ ಎಚ್.ಕೆ. ಪಾಟೀಲ್ ಬಣ್ಣಿಸಿದರು. 'ನಿತ್ಯ ಸತ್ಯ' ಅಭಿನಂದನಾ ಗ್ರಂಥ ಬಿಡುಗಡೆ ಕಾರ್ಯಕ್ರಮದಲ್ಲಿ ಮಾತನಾಡಿದರು.

ಬೆಂಗಳೂರು, ಜೂ.21: ರಾಜ್ಯದ ರಾಜಕಾರಣದಲ್ಲಿ ಸಚಿವ ಎನ್.ಎಸ್. ಬೋಸರಾಜು ಅವರು ಅಜಾತಶತ್ರು ಎಂದು ಸಚಿವ ಎಚ್.ಕೆ. ಪಾಟೀಲ್ ಬಣ್ಣಿಸಿದರು. 'ನಿತ್ಯ ಸತ್ಯ' ಅಭಿನಂದನಾ ಗ್ರಂಥ ಬಿಡುಗಡೆ ಕಾರ್ಯಕ್ರಮದಲ್ಲಿ ಮಾತನಾಡಿದರು.

ಬೆಂಗಳೂರು, ಜೂ.21: ರಾಜ್ಯದ ರಾಜಕಾರಣದಲ್ಲಿ ಸಚಿವ ಎನ್.ಎಸ್. ಬೋಸರಾಜು ಅವರು ಅಜಾತಶತ್ರು ಎಂದು ಸಚಿವ ಎಚ್.ಕೆ. ಪಾಟೀಲ್ ಬಣ್ಣಿಸಿದರು. 'ನಿತ್ಯ ಸತ್ಯ' ಅಭಿನಂದನಾ ಗ್ರಂಥ ಬಿಡುಗಡೆ ಕಾರ್ಯಕ್ರಮದಲ್ಲಿ ಮಾತನಾಡಿದರು.

ಬೆಂಗಳೂರು, ಜೂ.21: ರಾಜ್ಯದ ರಾಜಕಾರಣದಲ್ಲಿ ಸಚಿವ ಎನ್.ಎಸ್. ಬೋಸರಾಜು ಅವರು ಅಜಾತಶತ್ರು ಎಂದು ಸಚಿವ ಎಚ್.ಕೆ. ಪಾಟೀಲ್ ಬಣ್ಣಿಸಿದರು. 'ನಿತ್ಯ ಸತ್ಯ' ಅಭಿನಂದನಾ ಗ್ರಂಥ ಬಿಡುಗಡೆ ಕಾರ್ಯಕ್ರಮದಲ್ಲಿ ಮಾತನಾಡಿದರು.

ಬೆಂಗಳೂರು, ಜೂ.21: ರಾಜ್ಯದ ರಾಜಕಾರಣದಲ್ಲಿ ಸಚಿವ ಎನ್.ಎಸ್. ಬೋಸರಾಜು ಅವರು ಅಜಾತಶತ್ರು ಎಂದು ಸಚಿವ ಎಚ್.ಕೆ. ಪಾಟೀಲ್ ಬಣ್ಣಿಸಿದರು. 'ನಿತ್ಯ ಸತ್ಯ' ಅಭಿನಂದನಾ ಗ್ರಂಥ ಬಿಡುಗಡೆ ಕಾರ್ಯಕ್ರಮದಲ್ಲಿ ಮಾತನಾಡಿದರು.

ಬೆಂಗಳೂರು, ಜೂ.21: ರಾಜ್ಯದ ರಾಜಕಾರಣದಲ್ಲಿ ಸಚಿವ ಎನ್.ಎಸ್. ಬೋಸರಾಜು ಅವರು ಅಜಾತಶತ್ರು ಎಂದು ಸಚಿವ ಎಚ್.ಕೆ. ಪಾಟೀಲ್ ಬಣ್ಣಿಸಿದರು. 'ನಿತ್ಯ ಸತ್ಯ' ಅಭಿನಂದನಾ ಗ್ರಂಥ ಬಿಡುಗಡೆ ಕಾರ್ಯಕ್ರಮದಲ್ಲಿ ಮಾತನಾಡಿದರು.

ಜಿಲ್ಲೆಯಲ್ಲಿ ಭ್ರಷ್ಟಾಚಾರಕ್ಕೆ ಕಡಿವಾಣ
ಹಾಕಲು ಮೀನಳ್ಳಿ ತಾಯಣ್ಣ ಆಗ್ರಹ

ದಾವಣಗೆರೆ ಜಿಲ್ಲೆಯ ವಿವಿಧ ಇಲಾಖೆಗಳಲ್ಲಿ ಭ್ರಷ್ಟಾಚಾರ ಹೆಚ್ಚಾಗಿದ್ದು, ಇದಕ್ಕೆ ಕಡಿವಾಣ ಹಾಕಬೇಕು ಎಂದು ಮೀನಳ್ಳಿ ತಾಯಣ್ಣ ಆಗ್ರಹಿಸಿದ್ದಾರೆ. ಜಿಲ್ಲಾಧಿಕಾರಿಗಳಿಗೆ ಮನವಿ ಸಲ್ಲಿಸಿದರು.

ದಾವಣಗೆರೆ ಜಿಲ್ಲೆಯ ವಿವಿಧ ಇಲಾಖೆಗಳಲ್ಲಿ ಭ್ರಷ್ಟಾಚಾರ ಹೆಚ್ಚಾಗಿದ್ದು, ಇದಕ್ಕೆ ಕಡಿವಾಣ ಹಾಕಬೇಕು ಎಂದು ಮೀನಳ್ಳಿ ತಾಯಣ್ಣ ಆಗ್ರಹಿಸಿದ್ದಾರೆ. ಜಿಲ್ಲಾಧಿಕಾರಿಗಳಿಗೆ ಮನವಿ ಸಲ್ಲಿಸಿದರು.

ದಾವಣಗೆರೆ ಜಿಲ್ಲೆಯ ವಿವಿಧ ಇಲಾಖೆಗಳಲ್ಲಿ ಭ್ರಷ್ಟಾಚಾರ ಹೆಚ್ಚಾಗಿದ್ದು, ಇದಕ್ಕೆ ಕಡಿವಾಣ ಹಾಕಬೇಕು ಎಂದು ಮೀನಳ್ಳಿ ತಾಯಣ್ಣ ಆಗ್ರಹಿಸಿದ್ದಾರೆ. ಜಿಲ್ಲಾಧಿಕಾರಿಗಳಿಗೆ ಮನವಿ ಸಲ್ಲಿಸಿದರು.

ದಾವಣಗೆರೆ ಜಿಲ್ಲೆಯ ವಿವಿಧ ಇಲಾಖೆಗಳಲ್ಲಿ ಭ್ರಷ್ಟಾಚಾರ ಹೆಚ್ಚಾಗಿದ್ದು, ಇದಕ್ಕೆ ಕಡಿವಾಣ ಹಾಕಬೇಕು ಎಂದು ಮೀನಳ್ಳಿ ತಾಯಣ್ಣ ಆಗ್ರಹಿಸಿದ್ದಾರೆ. ಜಿಲ್ಲಾಧಿಕಾರಿಗಳಿಗೆ ಮನವಿ ಸಲ್ಲಿಸಿದರು.

ದಾವಣಗೆರೆ ಜಿಲ್ಲೆಯ ವಿವಿಧ ಇಲಾಖೆಗಳಲ್ಲಿ ಭ್ರಷ್ಟಾಚಾರ ಹೆಚ್ಚಾಗಿದ್ದು, ಇದಕ್ಕೆ ಕಡಿವಾಣ ಹಾಕಬೇಕು ಎಂದು ಮೀನಳ್ಳಿ ತಾಯಣ್ಣ ಆಗ್ರಹಿಸಿದ್ದಾರೆ. ಜಿಲ್ಲಾಧಿಕಾರಿಗಳಿಗೆ ಮನವಿ ಸಲ್ಲಿಸಿದರು.

ದಾವಣಗೆರೆ ಜಿಲ್ಲೆಯ ವಿವಿಧ ಇಲಾಖೆಗಳಲ್ಲಿ ಭ್ರಷ್ಟಾಚಾರ ಹೆಚ್ಚಾಗಿದ್ದು, ಇದಕ್ಕೆ ಕಡಿವಾಣ ಹಾಕಬೇಕು ಎಂದು ಮೀನಳ್ಳಿ ತಾಯಣ್ಣ ಆಗ್ರಹಿಸಿದ್ದಾರೆ. ಜಿಲ್ಲಾಧಿಕಾರಿಗಳಿಗೆ ಮನವಿ ಸಲ್ಲಿಸಿದರು.
